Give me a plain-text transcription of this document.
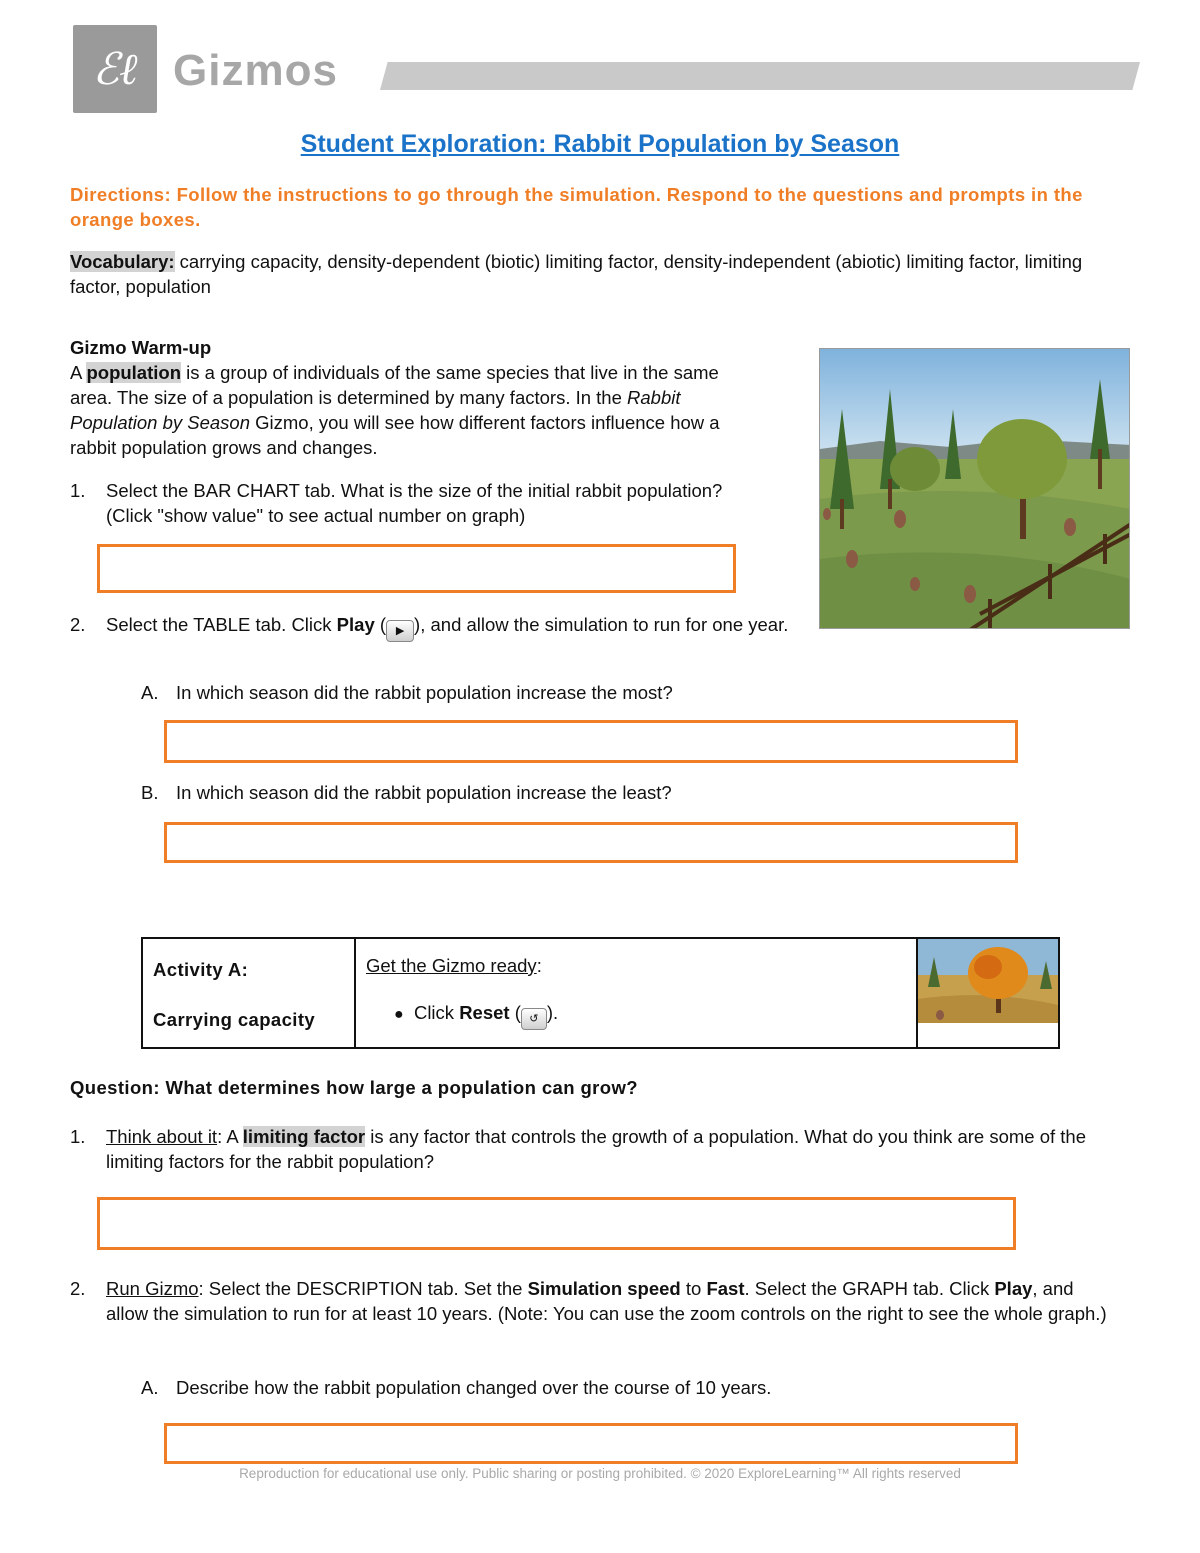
ℰℓ Gizmos
Student Exploration: Rabbit Population by Season
Directions: Follow the instructions to go through the simulation. Respond to the questions and prompts in the orange boxes.
Vocabulary: carrying capacity, density-dependent (biotic) limiting factor, density-independent (abiotic) limiting factor, limiting factor, population
Gizmo Warm-up
A population is a group of individuals of the same species that live in the same area. The size of a population is determined by many factors. In the Rabbit Population by Season Gizmo, you will see how different factors influence how a rabbit population grows and changes.
1.	Select the BAR CHART tab. What is the size of the initial rabbit population? (Click "show value" to see actual number on graph)
2.	Select the TABLE tab. Click Play ( ▶ ), and allow the simulation to run for one year.
A. In which season did the rabbit population increase the most?
B. In which season did the rabbit population increase the least?
Activity A:
Carrying capacity

Get the Gizmo ready:
● Click Reset ( ↺ ).

Question: What determines how large a population can grow?
1.	Think about it: A limiting factor is any factor that controls the growth of a population. What do you think are some of the limiting factors for the rabbit population?
2.	Run Gizmo: Select the DESCRIPTION tab. Set the Simulation speed to Fast. Select the GRAPH tab. Click Play, and allow the simulation to run for at least 10 years. (Note: You can use the zoom controls on the right to see the whole graph.)
A. Describe how the rabbit population changed over the course of 10 years.
Reproduction for educational use only. Public sharing or posting prohibited. © 2020 ExploreLearning™ All rights reserved
